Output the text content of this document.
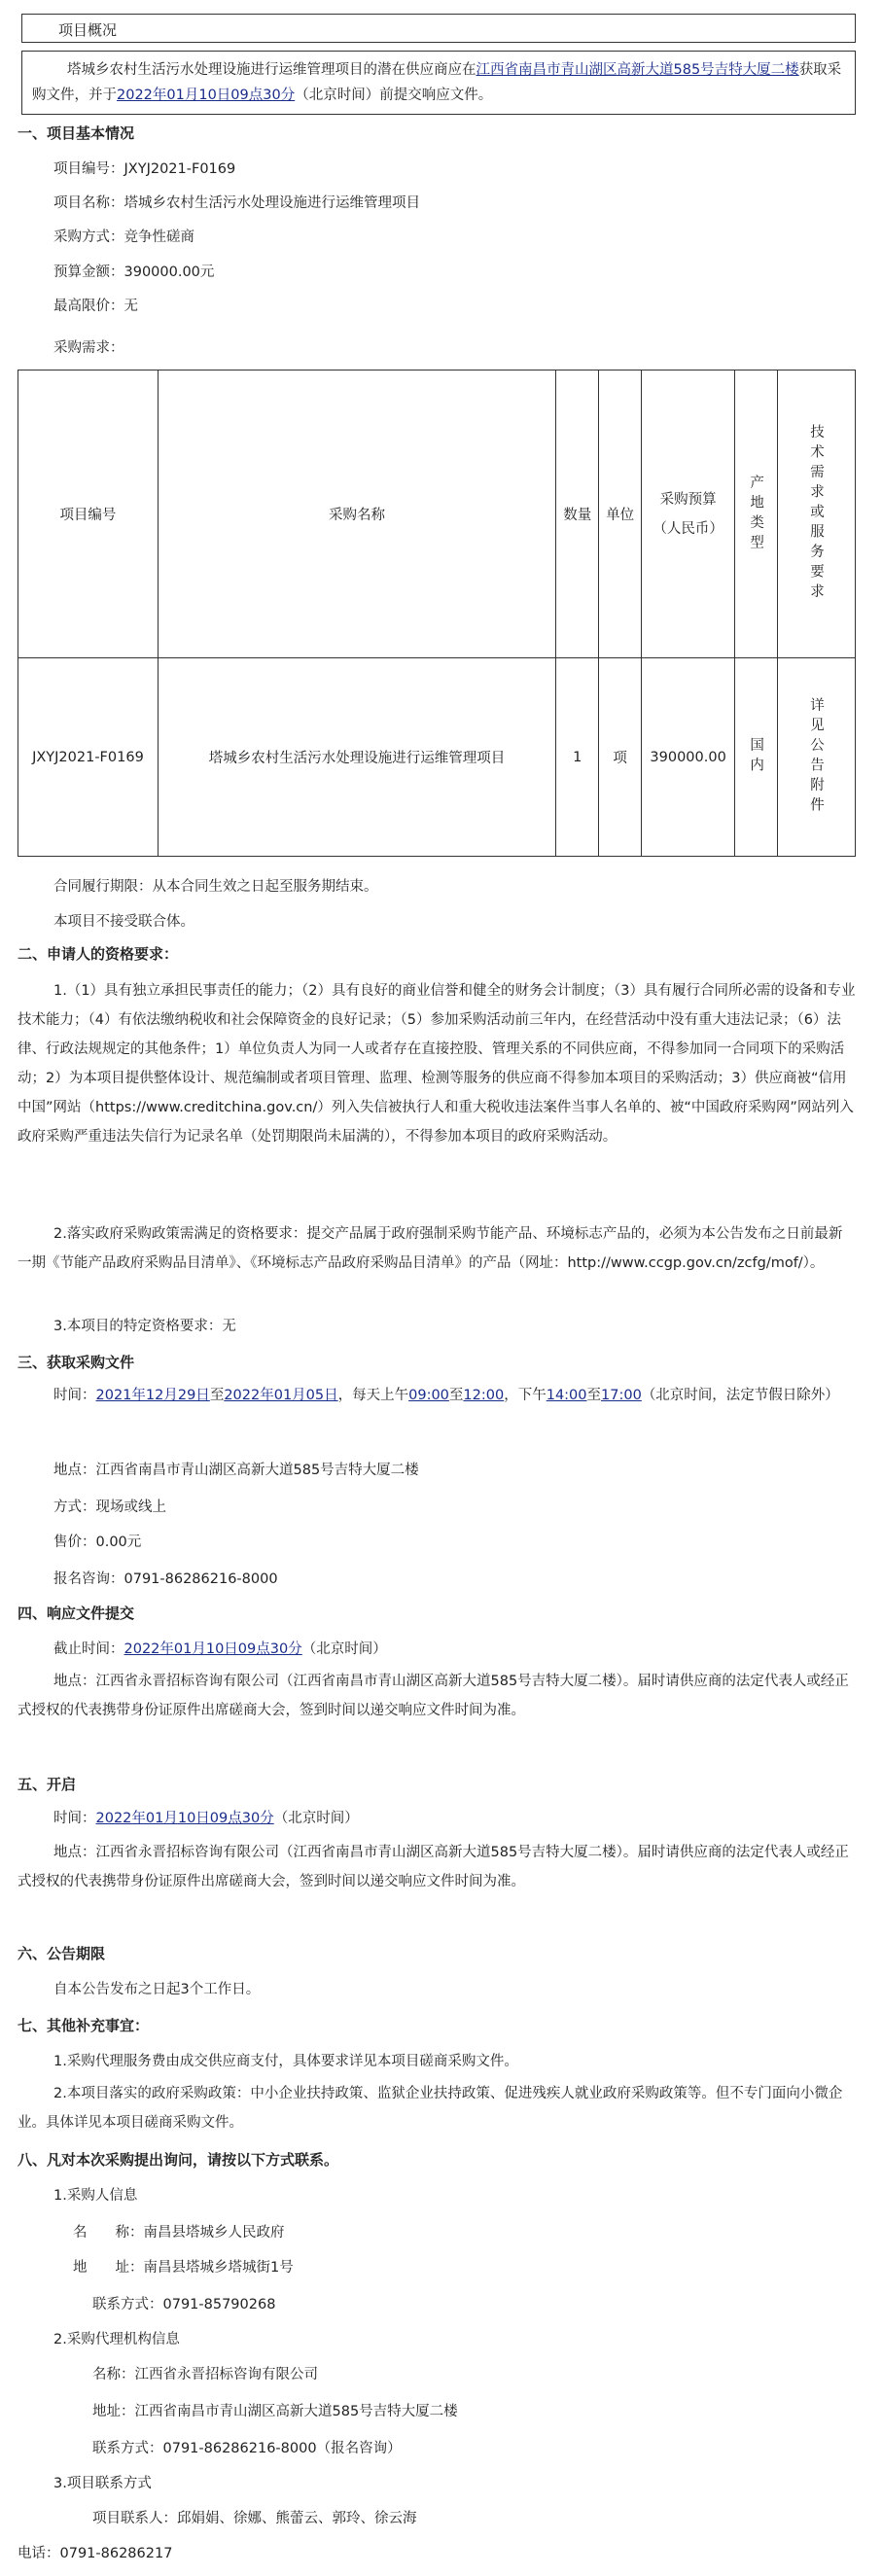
项目概况
塔城乡农村生活污水处理设施进行运维管理项目的潜在供应商应在江西省南昌市青山湖区高新大道585号吉特大厦二楼获取采购文件，并于2022年01月10日09点30分（北京时间）前提交响应文件。
一、项目基本情况
项目编号：JXYJ2021-F0169
项目名称：塔城乡农村生活污水处理设施进行运维管理项目
采购方式：竞争性磋商
预算金额：390000.00元
最高限价：无
采购需求：
项目编号	采购名称	数量	单位	采购预算（人民币）	产地类型	技术需求或服务要求

JXYJ2021-F0169	塔城乡农村生活污水处理设施进行运维管理项目	1	项	390000.00	国内	详见公告附件
合同履行期限：从本合同生效之日起至服务期结束。
本项目不接受联合体。
二、申请人的资格要求：
1.（1）具有独立承担民事责任的能力；（2）具有良好的商业信誉和健全的财务会计制度；（3）具有履行合同所必需的设备和专业技术能力；（4）有依法缴纳税收和社会保障资金的良好记录；（5）参加采购活动前三年内，在经营活动中没有重大违法记录；（6）法律、行政法规规定的其他条件；1）单位负责人为同一人或者存在直接控股、管理关系的不同供应商，不得参加同一合同项下的采购活动；2）为本项目提供整体设计、规范编制或者项目管理、监理、检测等服务的供应商不得参加本项目的采购活动；3）供应商被“信用中国”网站（https://www.creditchina.gov.cn/）列入失信被执行人和重大税收违法案件当事人名单的、被“中国政府采购网”网站列入政府采购严重违法失信行为记录名单（处罚期限尚未届满的），不得参加本项目的政府采购活动。
2.落实政府采购政策需满足的资格要求：提交产品属于政府强制采购节能产品、环境标志产品的，必须为本公告发布之日前最新一期《节能产品政府采购品目清单》、《环境标志产品政府采购品目清单》的产品（网址：http://www.ccgp.gov.cn/zcfg/mof/）。
3.本项目的特定资格要求：无
三、获取采购文件
时间：2021年12月29日至2022年01月05日，每天上午09:00至12:00，下午14:00至17:00（北京时间，法定节假日除外）
地点：江西省南昌市青山湖区高新大道585号吉特大厦二楼
方式：现场或线上
售价：0.00元
报名咨询：0791-86286216-8000
四、响应文件提交
截止时间：2022年01月10日09点30分（北京时间）
地点：江西省永晋招标咨询有限公司（江西省南昌市青山湖区高新大道585号吉特大厦二楼）。届时请供应商的法定代表人或经正式授权的代表携带身份证原件出席磋商大会，签到时间以递交响应文件时间为准。
五、开启
时间：2022年01月10日09点30分（北京时间）
地点：江西省永晋招标咨询有限公司（江西省南昌市青山湖区高新大道585号吉特大厦二楼）。届时请供应商的法定代表人或经正式授权的代表携带身份证原件出席磋商大会，签到时间以递交响应文件时间为准。
六、公告期限
自本公告发布之日起3个工作日。
七、其他补充事宜：
1.采购代理服务费由成交供应商支付，具体要求详见本项目磋商采购文件。
2.本项目落实的政府采购政策：中小企业扶持政策、监狱企业扶持政策、促进残疾人就业政府采购政策等。但不专门面向小微企业。具体详见本项目磋商采购文件。
八、凡对本次采购提出询问，请按以下方式联系。
1.采购人信息
名　　称：南昌县塔城乡人民政府
地　　址：南昌县塔城乡塔城街1号
联系方式：0791-85790268
2.采购代理机构信息
名称：江西省永晋招标咨询有限公司
地址：江西省南昌市青山湖区高新大道585号吉特大厦二楼
联系方式：0791-86286216-8000（报名咨询）
3.项目联系方式
项目联系人：邱娟娟、徐娜、熊蕾云、郭玲、徐云海
电话：0791-86286217
